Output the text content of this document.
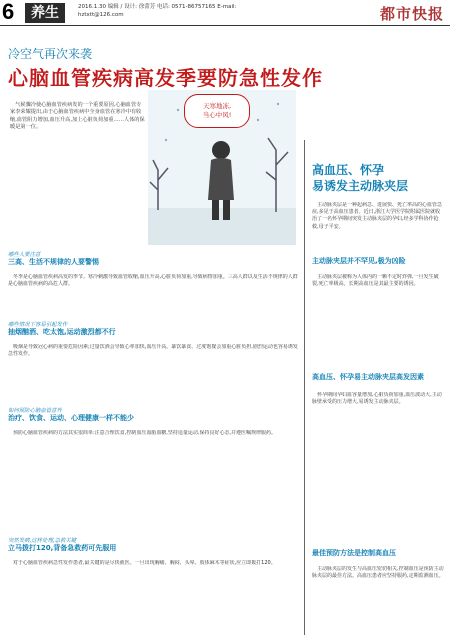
6	养生	2016.1.30 编辑 / 设计: 徐蕾芳 电话: 0571-86757165 E-mail: hztxtt@126.com	都市快报
冷空气再次来袭
心脑血管疾病高发季要防急性发作
气候骤冷使心脑血管疾病发的一个重要原因,心脑血管专家李荣耀提出,由于心脑血管疾病中全身血管在寒冷中有收缩,血管阻力增加,血压升高,加上心脏负荷加重……人体的保暖是第一位。
天寒地冻,
当心中风!
哪些人要注意
三高、生活不规律的人要警惕

冬季是心脑血管疾病高发的季节。寒冷刺激导致血管收缩,血压升高,心脏负荷加重,导致病情加重。三高人群以及生活不规律的人群是心脑血管疾病的高危人群。

哪些情况下容易引起发作
抽烟酗酒、吃太饱,运动激烈都不行

吸烟是导致冠心病的重要危险因素;过量饮酒会导致心率加快,血压升高。暴饮暴食、过度饱餐会加重心脏负担,剧烈运动也容易诱发急性发作。

如何预防心脑血管意外
治疗、饮食、运动、心理健康一样不能少

预防心脑血管疾病的方法其实很简单:注意合理饮食,控制血压血脂血糖,坚持适量运动,保持良好心态,并遵医嘱规律服药。

突然发病,这样处理,急救关键
立马拨打120,背备急救药可先服用

对于心脑血管疾病急性发作患者,最关键的是尽快就医。一旦出现胸痛、胸闷、头晕、肢体麻木等症状,应立即拨打120。

高血压、怀孕
易诱发主动脉夹层

主动脉夹层是一种起病急、进展快、死亡率高的心血管急症,多见于高血压患者。近日,浙江大学医学院附属医院就收治了一名怀孕期间突发主动脉夹层的孕妇,经多学科协作抢救,母子平安。

主动脉夹层并不罕见,极为凶险

主动脉夹层被称为人体内的一颗不定时炸弹,一旦发生破裂,死亡率极高。长期高血压是其最主要的诱因。

高血压、怀孕易主动脉夹层高发因素

怀孕期间孕妇血容量增加,心脏负荷加重,血压波动大,主动脉壁承受的压力增大,易诱发主动脉夹层。

最佳预防方法是控制高血压

主动脉夹层的发生与高血压密切相关,控制血压是预防主动脉夹层的最佳方法。高血压患者应坚持服药,定期监测血压。
